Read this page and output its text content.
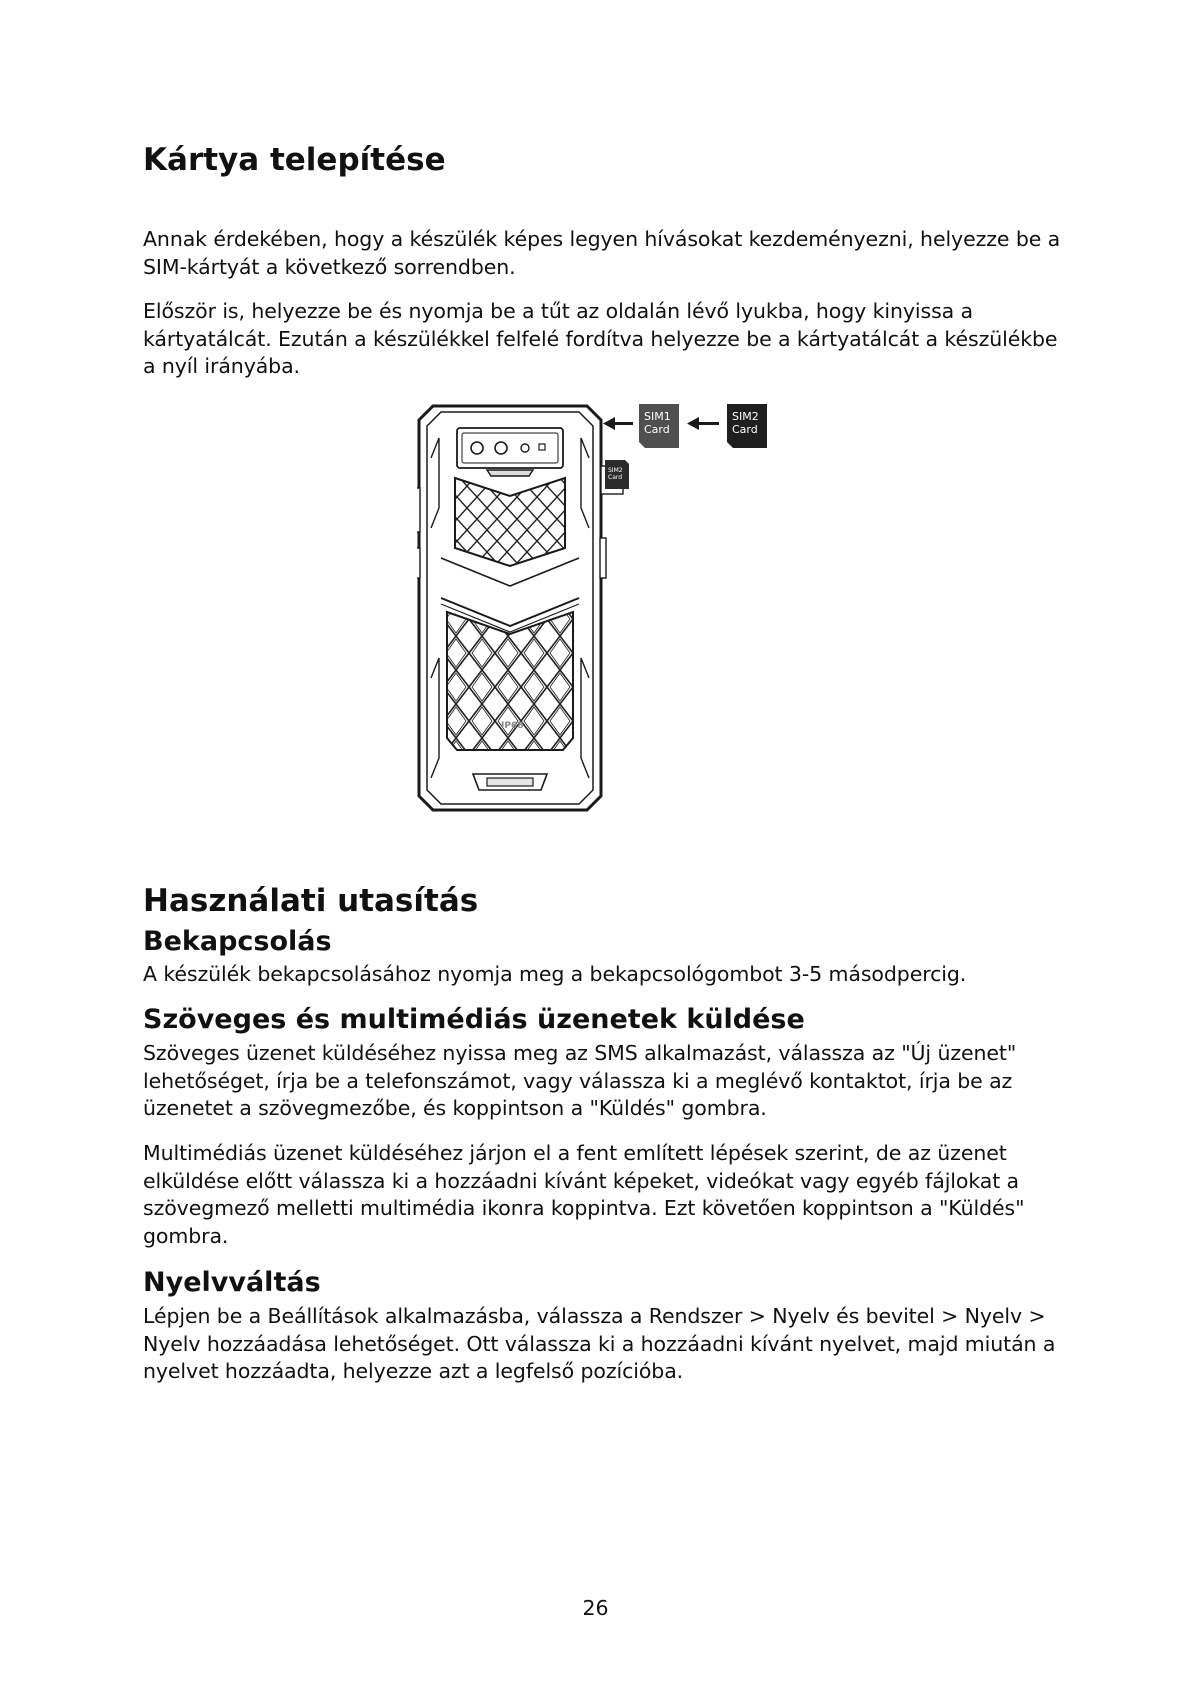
Kártya telepítése

Annak érdekében, hogy a készülék képes legyen hívásokat kezdeményezni, helyezze be a SIM-kártyát a következő sorrendben.

Először is, helyezze be és nyomja be a tűt az oldalán lévő lyukba, hogy kinyissa a kártyatálcát. Ezután a készülékkel felfelé fordítva helyezze be a kártyatálcát a készülékbe a nyíl irányába.

Használati utasítás
Bekapcsolás

A készülék bekapcsolásához nyomja meg a bekapcsológombot 3-5 másodpercig.

Szöveges és multimédiás üzenetek küldése

Szöveges üzenet küldéséhez nyissa meg az SMS alkalmazást, válassza az "Új üzenet" lehetőséget, írja be a telefonszámot, vagy válassza ki a meglévő kontaktot, írja be az üzenetet a szövegmezőbe, és koppintson a "Küldés" gombra.

Multimédiás üzenet küldéséhez járjon el a fent említett lépések szerint, de az üzenet elküldése előtt válassza ki a hozzáadni kívánt képeket, videókat vagy egyéb fájlokat a szövegmező melletti multimédia ikonra koppintva. Ezt követően koppintson a "Küldés" gombra.

Nyelvváltás

Lépjen be a Beállítások alkalmazásba, válassza a Rendszer > Nyelv és bevitel > Nyelv > Nyelv hozzáadása lehetőséget. Ott válassza ki a hozzáadni kívánt nyelvet, majd miután a nyelvet hozzáadta, helyezze azt a legfelső pozícióba.

IP68
SIM2
Card
SIM1
Card
SIM2
Card
26
